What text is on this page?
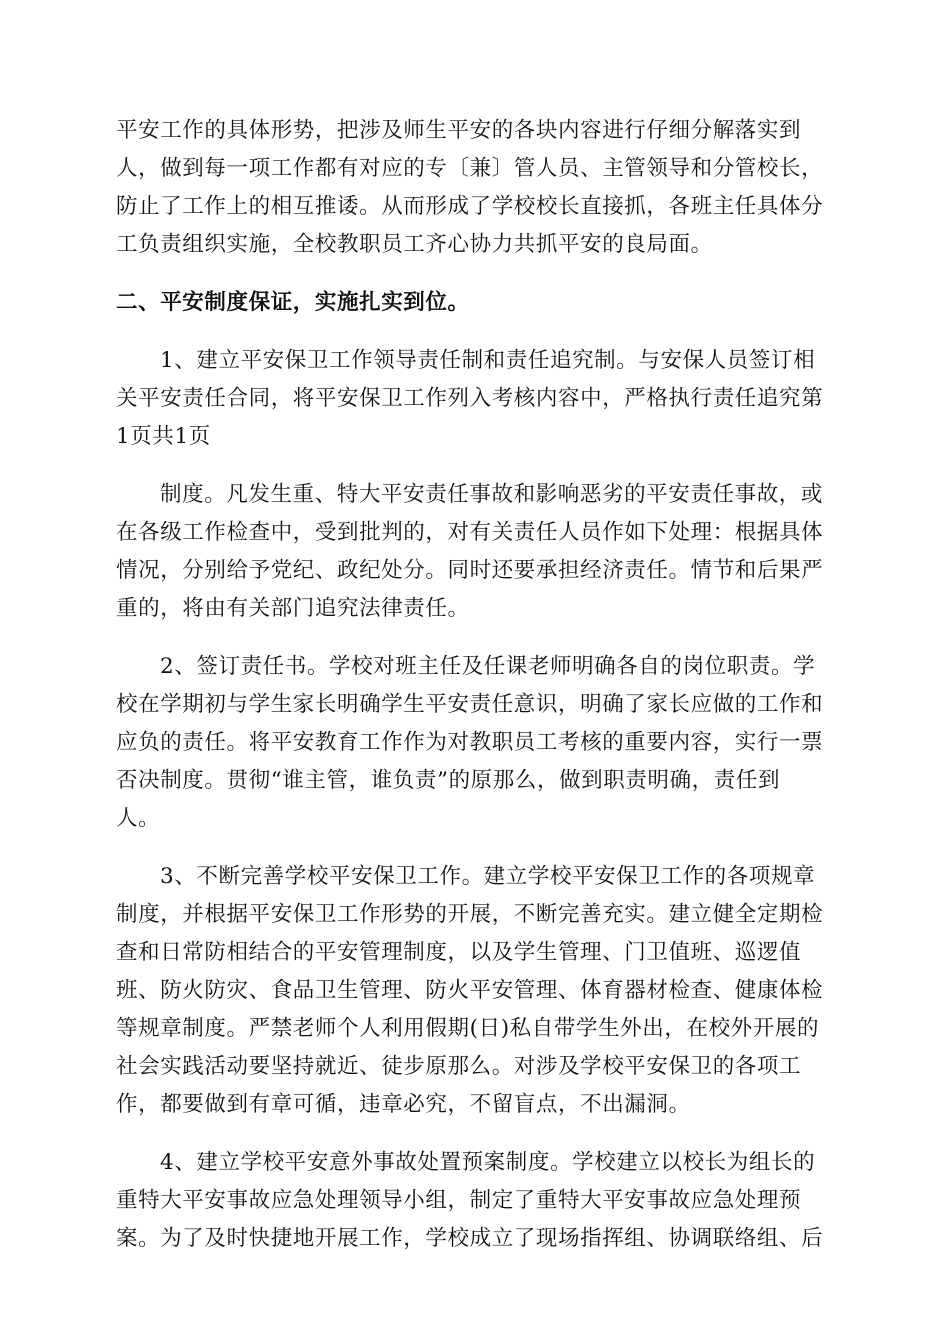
平安工作的具体形势，把涉及师生平安的各块内容进行仔细分解落实到
人，做到每一项工作都有对应的专〔兼〕管人员、主管领导和分管校长，
防止了工作上的相互推诿。从而形成了学校校长直接抓，各班主任具体分
工负责组织实施，全校教职员工齐心协力共抓平安的良局面。
二、平安制度保证，实施扎实到位。
1、建立平安保卫工作领导责任制和责任追究制。与安保人员签订相
关平安责任合同，将平安保卫工作列入考核内容中，严格执行责任追究第
1页共1页
制度。凡发生重、特大平安责任事故和影响恶劣的平安责任事故，或
在各级工作检查中，受到批判的，对有关责任人员作如下处理：根据具体
情况，分别给予党纪、政纪处分。同时还要承担经济责任。情节和后果严
重的，将由有关部门追究法律责任。
2、签订责任书。学校对班主任及任课老师明确各自的岗位职责。学
校在学期初与学生家长明确学生平安责任意识，明确了家长应做的工作和
应负的责任。将平安教育工作作为对教职员工考核的重要内容，实行一票
否决制度。贯彻“谁主管，谁负责”的原那么，做到职责明确，责任到
人。
3、不断完善学校平安保卫工作。建立学校平安保卫工作的各项规章
制度，并根据平安保卫工作形势的开展，不断完善充实。建立健全定期检
查和日常防相结合的平安管理制度，以及学生管理、门卫值班、巡逻值
班、防火防灾、食品卫生管理、防火平安管理、体育器材检查、健康体检
等规章制度。严禁老师个人利用假期(日)私自带学生外出，在校外开展的
社会实践活动要坚持就近、徒步原那么。对涉及学校平安保卫的各项工
作，都要做到有章可循，违章必究，不留盲点，不出漏洞。
4、建立学校平安意外事故处置预案制度。学校建立以校长为组长的
重特大平安事故应急处理领导小组，制定了重特大平安事故应急处理预
案。为了及时快捷地开展工作，学校成立了现场指挥组、协调联络组、后
